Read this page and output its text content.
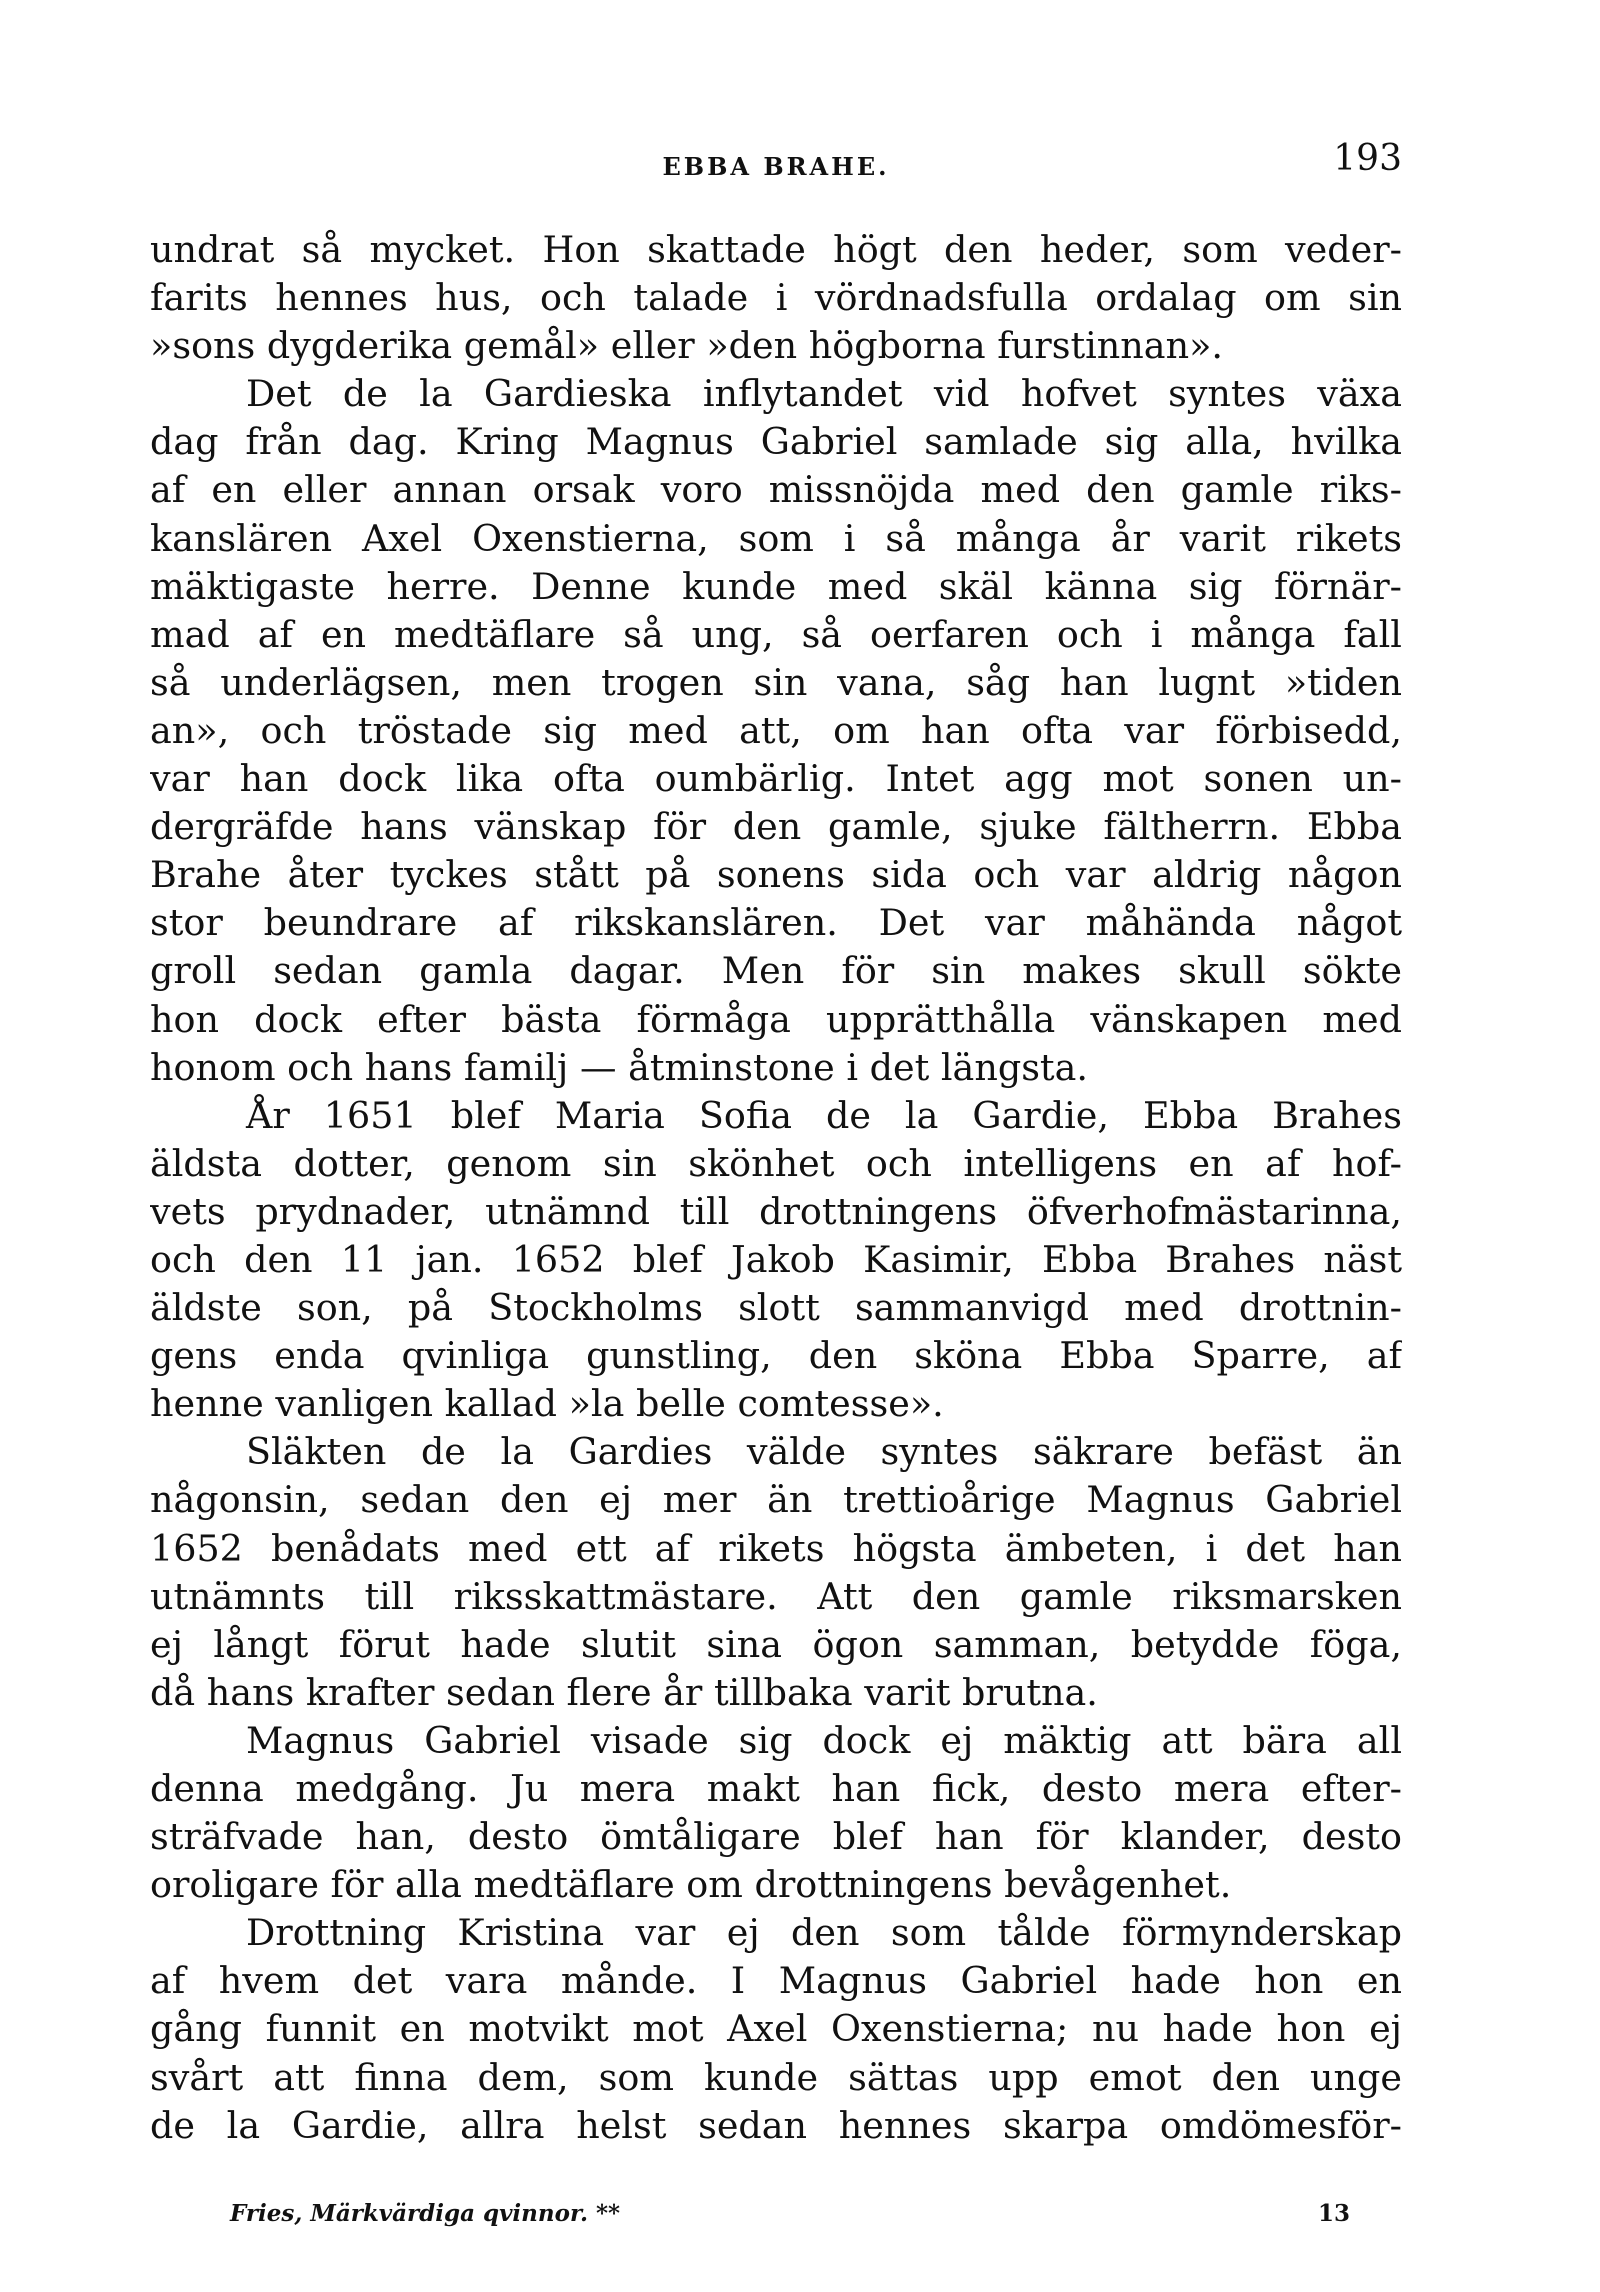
EBBA BRAHE.	193
undrat så mycket. Hon skattade högt den heder, som veder-
farits hennes hus, och talade i vördnadsfulla ordalag om sin
»sons dygderika gemål» eller »den högborna furstinnan».
Det de la Gardieska inflytandet vid hofvet syntes växa
dag från dag. Kring Magnus Gabriel samlade sig alla, hvilka
af en eller annan orsak voro missnöjda med den gamle riks-
kanslären Axel Oxenstierna, som i så många år varit rikets
mäktigaste herre. Denne kunde med skäl känna sig förnär-
mad af en medtäflare så ung, så oerfaren och i många fall
så underlägsen, men trogen sin vana, såg han lugnt »tiden
an», och tröstade sig med att, om han ofta var förbisedd,
var han dock lika ofta oumbärlig. Intet agg mot sonen un-
dergräfde hans vänskap för den gamle, sjuke fältherrn. Ebba
Brahe åter tyckes stått på sonens sida och var aldrig någon
stor beundrare af rikskanslären. Det var måhända något
groll sedan gamla dagar. Men för sin makes skull sökte
hon dock efter bästa förmåga upprätthålla vänskapen med
honom och hans familj — åtminstone i det längsta.
År 1651 blef Maria Sofia de la Gardie, Ebba Brahes
äldsta dotter, genom sin skönhet och intelligens en af hof-
vets prydnader, utnämnd till drottningens öfverhofmästarinna,
och den 11 jan. 1652 blef Jakob Kasimir, Ebba Brahes näst
äldste son, på Stockholms slott sammanvigd med drottnin-
gens enda qvinliga gunstling, den sköna Ebba Sparre, af
henne vanligen kallad »la belle comtesse».
Släkten de la Gardies välde syntes säkrare befäst än
någonsin, sedan den ej mer än trettioårige Magnus Gabriel
1652 benådats med ett af rikets högsta ämbeten, i det han
utnämnts till riksskattmästare. Att den gamle riksmarsken
ej långt förut hade slutit sina ögon samman, betydde föga,
då hans krafter sedan flere år tillbaka varit brutna.
Magnus Gabriel visade sig dock ej mäktig att bära all
denna medgång. Ju mera makt han fick, desto mera efter-
sträfvade han, desto ömtåligare blef han för klander, desto
oroligare för alla medtäflare om drottningens bevågenhet.
Drottning Kristina var ej den som tålde förmynderskap
af hvem det vara månde. I Magnus Gabriel hade hon en
gång funnit en motvikt mot Axel Oxenstierna; nu hade hon ej
svårt att finna dem, som kunde sättas upp emot den unge
de la Gardie, allra helst sedan hennes skarpa omdömesför-
Fries, Märkvärdiga qvinnor. **	13
